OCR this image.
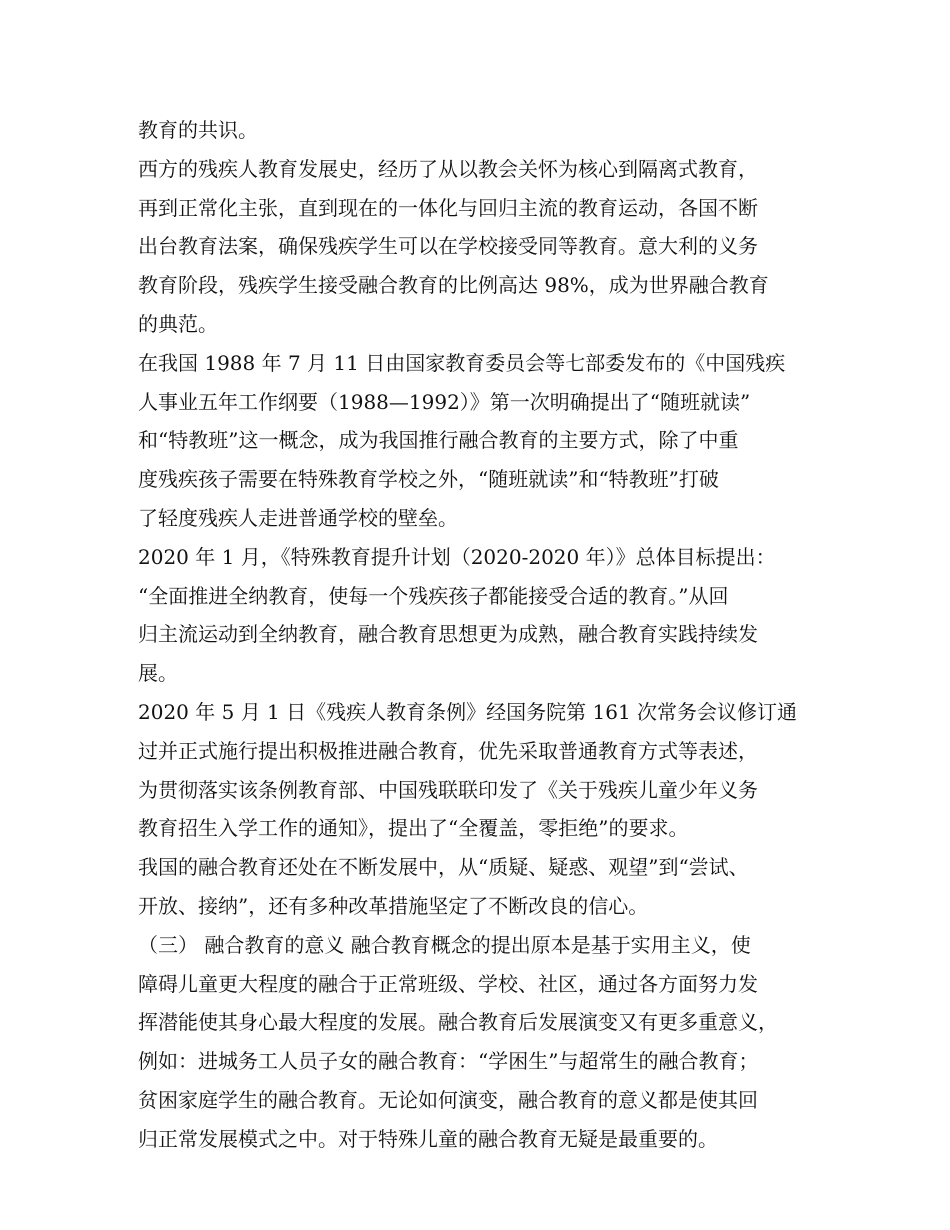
教育的共识。
西方的残疾人教育发展史，经历了从以教会关怀为核心到隔离式教育，
再到正常化主张，直到现在的一体化与回归主流的教育运动，各国不断
出台教育法案，确保残疾学生可以在学校接受同等教育。意大利的义务
教育阶段，残疾学生接受融合教育的比例高达 98%，成为世界融合教育
的典范。
在我国 1988 年 7 月 11 日由国家教育委员会等七部委发布的《中国残疾
人事业五年工作纲要（1988—1992）》第一次明确提出了“随班就读”
和“特教班”这一概念，成为我国推行融合教育的主要方式，除了中重
度残疾孩子需要在特殊教育学校之外，“随班就读”和“特教班”打破
了轻度残疾人走进普通学校的壁垒。
2020 年 1 月，《特殊教育提升计划（2020-2020 年）》总体目标提出：
“全面推进全纳教育，使每一个残疾孩子都能接受合适的教育。”从回
归主流运动到全纳教育，融合教育思想更为成熟，融合教育实践持续发
展。
2020 年 5 月 1 日《残疾人教育条例》经国务院第 161 次常务会议修订通
过并正式施行提出积极推进融合教育，优先采取普通教育方式等表述，
为贯彻落实该条例教育部、中国残联联印发了《关于残疾儿童少年义务
教育招生入学工作的通知》，提出了“全覆盖，零拒绝”的要求。
我国的融合教育还处在不断发展中，从“质疑、疑惑、观望”到“尝试、
开放、接纳”，还有多种改革措施坚定了不断改良的信心。
（三） 融合教育的意义 融合教育概念的提出原本是基于实用主义，使
障碍儿童更大程度的融合于正常班级、学校、社区，通过各方面努力发
挥潜能使其身心最大程度的发展。融合教育后发展演变又有更多重意义，
例如：进城务工人员子女的融合教育：“学困生”与超常生的融合教育；
贫困家庭学生的融合教育。无论如何演变，融合教育的意义都是使其回
归正常发展模式之中。对于特殊儿童的融合教育无疑是最重要的。
